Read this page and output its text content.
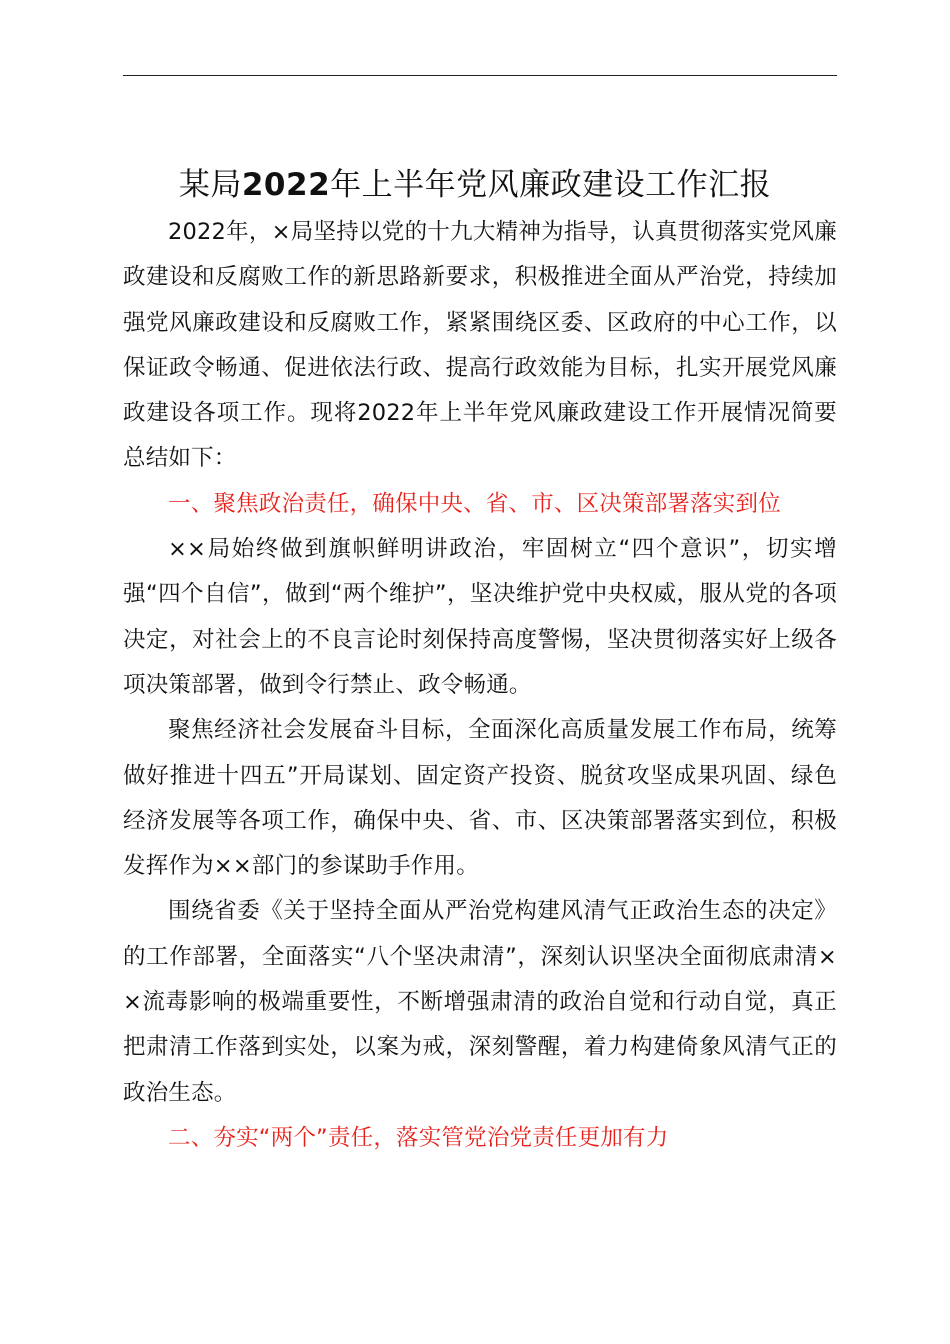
某局2022年上半年党风廉政建设工作汇报

2022年，×局坚持以党的十九大精神为指导，认真贯彻落实党风廉政建设和反腐败工作的新思路新要求，积极推进全面从严治党，持续加强党风廉政建设和反腐败工作，紧紧围绕区委、区政府的中心工作，以保证政令畅通、促进依法行政、提高行政效能为目标，扎实开展党风廉政建设各项工作。现将2022年上半年党风廉政建设工作开展情况简要总结如下：

一、聚焦政治责任，确保中央、省、市、区决策部署落实到位

××局始终做到旗帜鲜明讲政治，牢固树立“四个意识”，切实增强“四个自信”，做到“两个维护”，坚决维护党中央权威，服从党的各项决定，对社会上的不良言论时刻保持高度警惕，坚决贯彻落实好上级各项决策部署，做到令行禁止、政令畅通。

聚焦经济社会发展奋斗目标，全面深化高质量发展工作布局，统筹做好推进十四五”开局谋划、固定资产投资、脱贫攻坚成果巩固、绿色经济发展等各项工作，确保中央、省、市、区决策部署落实到位，积极发挥作为××部门的参谋助手作用。

围绕省委《关于坚持全面从严治党构建风清气正政治生态的决定》的工作部署，全面落实“八个坚决肃清”，深刻认识坚决全面彻底肃清××流毒影响的极端重要性，不断增强肃清的政治自觉和行动自觉，真正把肃清工作落到实处，以案为戒，深刻警醒，着力构建倚象风清气正的政治生态。

二、夯实“两个”责任，落实管党治党责任更加有力
